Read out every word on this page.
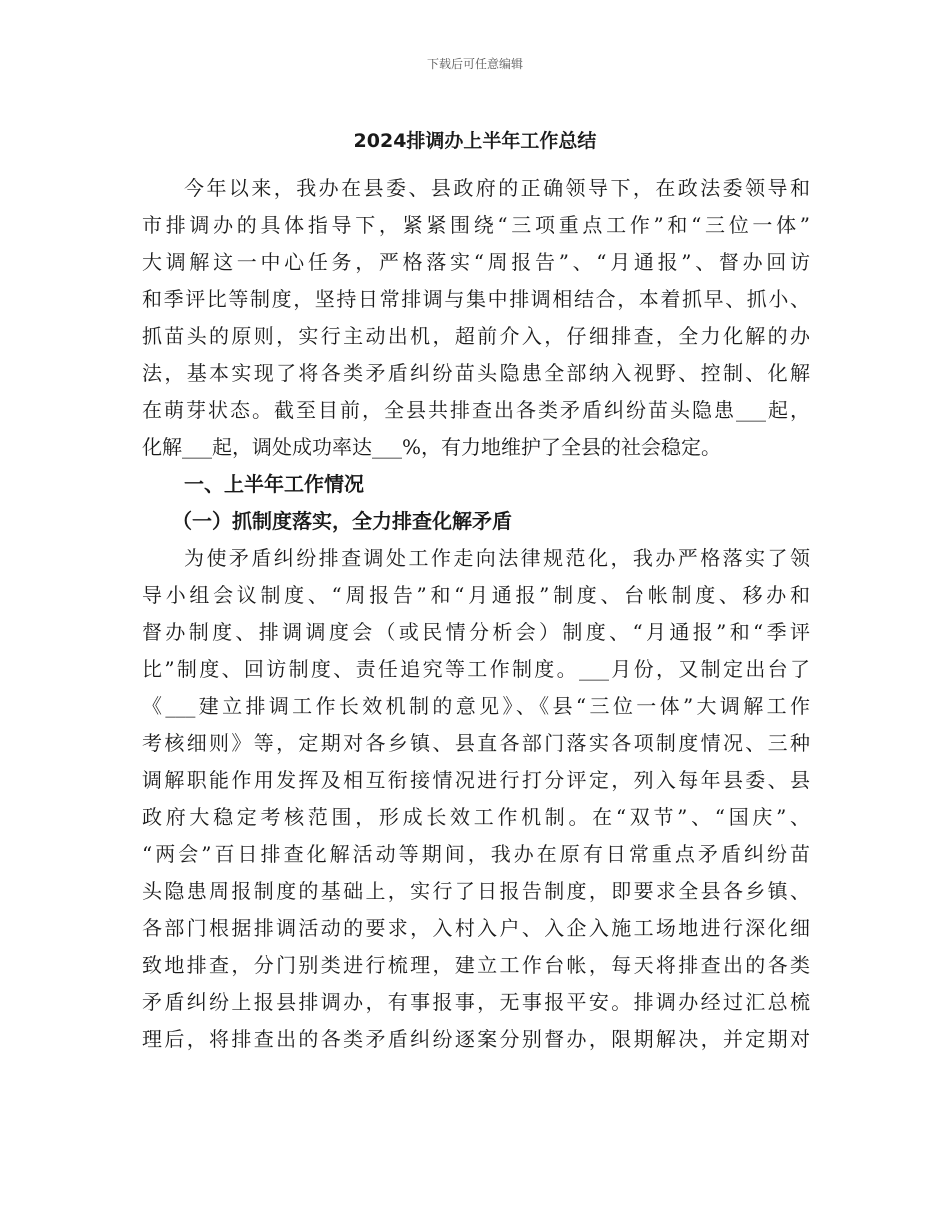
下载后可任意编辑
2024排调办上半年工作总结
今年以来，我办在县委、县政府的正确领导下，在政法委领导和
市排调办的具体指导下，紧紧围绕“三项重点工作”和“三位一体”
大调解这一中心任务，严格落实“周报告”、“月通报”、督办回访
和季评比等制度，坚持日常排调与集中排调相结合，本着抓早、抓小、
抓苗头的原则，实行主动出机，超前介入，仔细排查，全力化解的办
法，基本实现了将各类矛盾纠纷苗头隐患全部纳入视野、控制、化解
在萌芽状态。截至目前，全县共排查出各类矛盾纠纷苗头隐患___起，
化解___起，调处成功率达___%，有力地维护了全县的社会稳定。
一、上半年工作情况
（一）抓制度落实，全力排查化解矛盾
为使矛盾纠纷排查调处工作走向法律规范化，我办严格落实了领
导小组会议制度、“周报告”和“月通报”制度、台帐制度、移办和
督办制度、排调调度会（或民情分析会）制度、“月通报”和“季评
比”制度、回访制度、责任追究等工作制度。___月份，又制定出台了
《___建立排调工作长效机制的意见》、《县“三位一体”大调解工作
考核细则》等，定期对各乡镇、县直各部门落实各项制度情况、三种
调解职能作用发挥及相互衔接情况进行打分评定，列入每年县委、县
政府大稳定考核范围，形成长效工作机制。在“双节”、“国庆”、
“两会”百日排查化解活动等期间，我办在原有日常重点矛盾纠纷苗
头隐患周报制度的基础上，实行了日报告制度，即要求全县各乡镇、
各部门根据排调活动的要求，入村入户、入企入施工场地进行深化细
致地排查，分门别类进行梳理，建立工作台帐，每天将排查出的各类
矛盾纠纷上报县排调办，有事报事，无事报平安。排调办经过汇总梳
理后，将排查出的各类矛盾纠纷逐案分别督办，限期解决，并定期对
